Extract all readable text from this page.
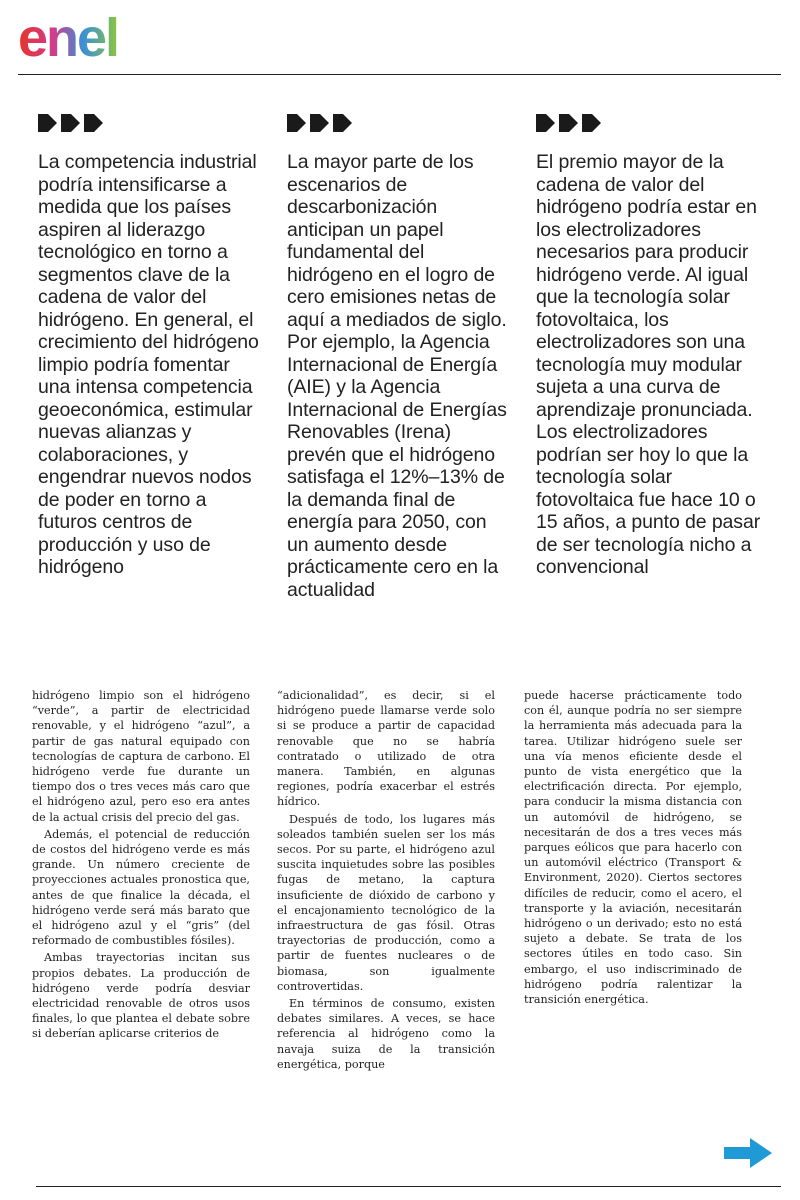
enel

La competencia industrial podría intensificarse a medida que los países aspiren al liderazgo tecnológico en torno a segmentos clave de la cadena de valor del hidrógeno. En general, el crecimiento del hidrógeno limpio podría fomentar una intensa competencia geoeconómica, estimular nuevas alianzas y colaboraciones, y engendrar nuevos nodos de poder en torno a futuros centros de producción y uso de hidrógeno

La mayor parte de los escenarios de descarbonización anticipan un papel fundamental del hidrógeno en el logro de cero emisiones netas de aquí a mediados de siglo. Por ejemplo, la Agencia Internacional de Energía (AIE) y la Agencia Internacional de Energías Renovables (Irena) prevén que el hidrógeno satisfaga el 12%–13% de la demanda final de energía para 2050, con un aumento desde prácticamente cero en la actualidad

El premio mayor de la cadena de valor del hidrógeno podría estar en los electrolizadores necesarios para producir hidrógeno verde. Al igual que la tecnología solar fotovoltaica, los electrolizadores son una tecnología muy modular sujeta a una curva de aprendizaje pronunciada. Los electrolizadores podrían ser hoy lo que la tecnología solar fotovoltaica fue hace 10 o 15 años, a punto de pasar de ser tecnología nicho a convencional

hidrógeno limpio son el hidrógeno “verde”, a partir de electricidad renovable, y el hidrógeno “azul”, a partir de gas natural equipado con tecnologías de captura de carbono. El hidrógeno verde fue durante un tiempo dos o tres veces más caro que el hidrógeno azul, pero eso era antes de la actual crisis del precio del gas.

Además, el potencial de reducción de costos del hidrógeno verde es más grande. Un número creciente de proyecciones actuales pronostica que, antes de que finalice la década, el hidrógeno verde será más barato que el hidrógeno azul y el “gris” (del reformado de combustibles fósiles).

Ambas trayectorias incitan sus propios debates. La producción de hidrógeno verde podría desviar electricidad renovable de otros usos finales, lo que plantea el debate sobre si deberían aplicarse criterios de

“adicionalidad”, es decir, si el hidrógeno puede llamarse verde solo si se produce a partir de capacidad renovable que no se habría contratado o utilizado de otra manera. También, en algunas regiones, podría exacerbar el estrés hídrico.

Después de todo, los lugares más soleados también suelen ser los más secos. Por su parte, el hidrógeno azul suscita inquietudes sobre las posibles fugas de metano, la captura insuficiente de dióxido de carbono y el encajonamiento tecnológico de la infraestructura de gas fósil. Otras trayectorias de producción, como a partir de fuentes nucleares o de biomasa, son igualmente controvertidas.

En términos de consumo, existen debates similares. A veces, se hace referencia al hidrógeno como la navaja suiza de la transición energética, porque

puede hacerse prácticamente todo con él, aunque podría no ser siempre la herramienta más adecuada para la tarea. Utilizar hidrógeno suele ser una vía menos eficiente desde el punto de vista energético que la electrificación directa. Por ejemplo, para conducir la misma distancia con un automóvil de hidrógeno, se necesitarán de dos a tres veces más parques eólicos que para hacerlo con un automóvil eléctrico (Transport & Environment, 2020). Ciertos sectores difíciles de reducir, como el acero, el transporte y la aviación, necesitarán hidrógeno o un derivado; esto no está sujeto a debate. Se trata de los sectores útiles en todo caso. Sin embargo, el uso indiscriminado de hidrógeno podría ralentizar la transición energética.
